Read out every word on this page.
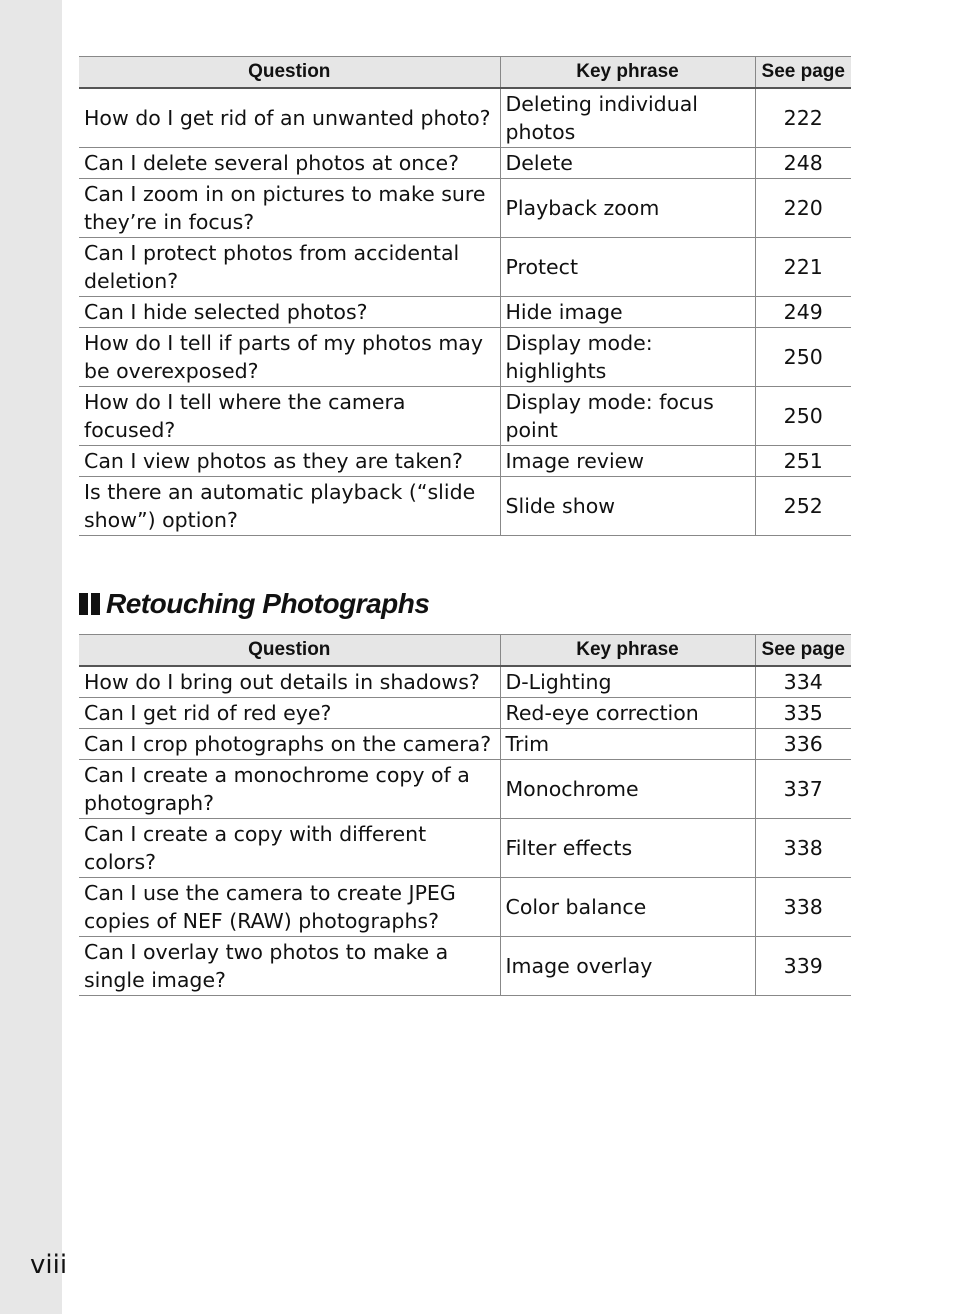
Question	Key phrase	See page
How do I get rid of an unwanted photo?	Deleting individual photos	222
Can I delete several photos at once?	Delete	248
Can I zoom in on pictures to make sure they’re in focus?	Playback zoom	220
Can I protect photos from accidental deletion?	Protect	221
Can I hide selected photos?	Hide image	249
How do I tell if parts of my photos may be overexposed?	Display mode: highlights	250
How do I tell where the camera focused?	Display mode: focus point	250
Can I view photos as they are taken?	Image review	251
Is there an automatic playback (“slide show”) option?	Slide show	252
Retouching Photographs
Question	Key phrase	See page
How do I bring out details in shadows?	D-Lighting	334
Can I get rid of red eye?	Red-eye correction	335
Can I crop photographs on the camera?	Trim	336
Can I create a monochrome copy of a photograph?	Monochrome	337
Can I create a copy with different colors?	Filter effects	338
Can I use the camera to create JPEG copies of NEF (RAW) photographs?	Color balance	338
Can I overlay two photos to make a single image?	Image overlay	339
viii
